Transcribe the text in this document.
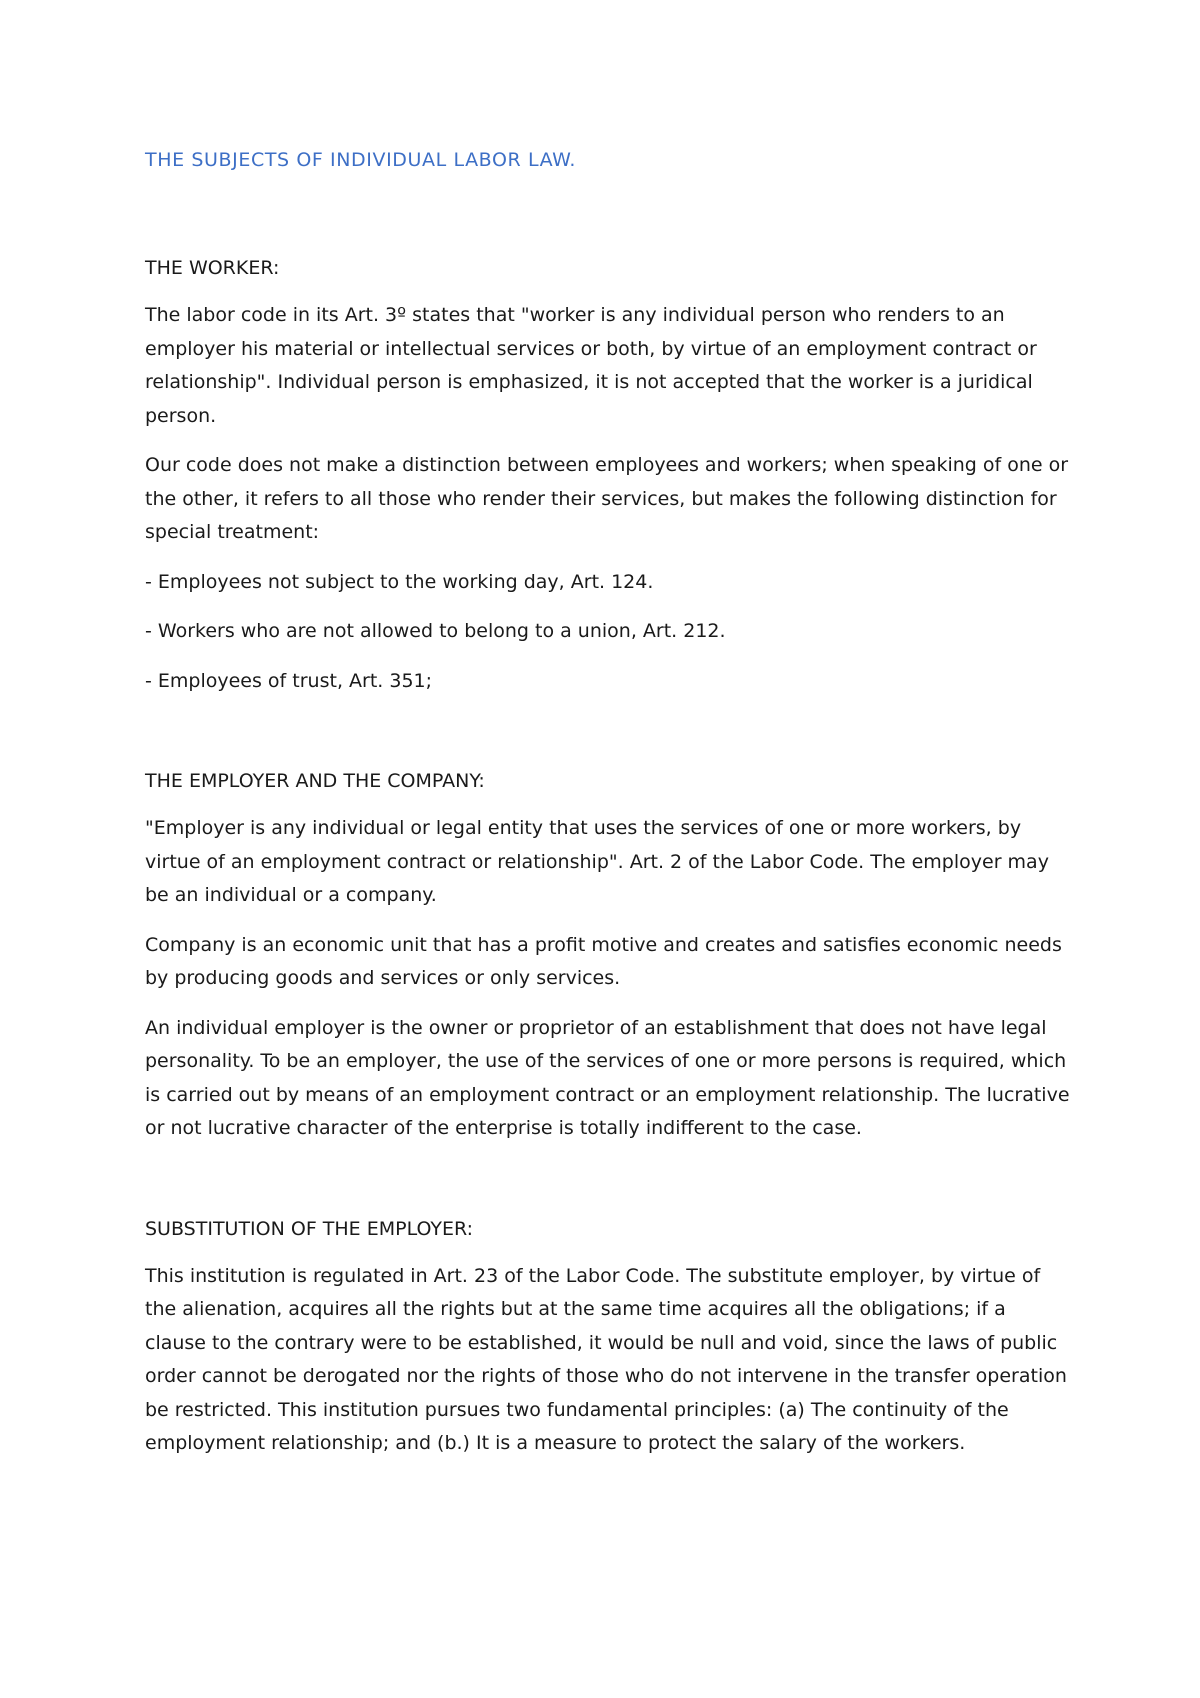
THE SUBJECTS OF INDIVIDUAL LABOR LAW.

THE WORKER:

The labor code in its Art. 3º states that "worker is any individual person who renders to an employer his material or intellectual services or both, by virtue of an employment contract or relationship". Individual person is emphasized, it is not accepted that the worker is a juridical person.

Our code does not make a distinction between employees and workers; when speaking of one or the other, it refers to all those who render their services, but makes the following distinction for special treatment:

- Employees not subject to the working day, Art. 124.

- Workers who are not allowed to belong to a union, Art. 212.

- Employees of trust, Art. 351;

THE EMPLOYER AND THE COMPANY:

"Employer is any individual or legal entity that uses the services of one or more workers, by virtue of an employment contract or relationship". Art. 2 of the Labor Code. The employer may be an individual or a company.

Company is an economic unit that has a profit motive and creates and satisfies economic needs by producing goods and services or only services.

An individual employer is the owner or proprietor of an establishment that does not have legal personality. To be an employer, the use of the services of one or more persons is required, which is carried out by means of an employment contract or an employment relationship. The lucrative or not lucrative character of the enterprise is totally indifferent to the case.

SUBSTITUTION OF THE EMPLOYER:

This institution is regulated in Art. 23 of the Labor Code. The substitute employer, by virtue of the alienation, acquires all the rights but at the same time acquires all the obligations; if a clause to the contrary were to be established, it would be null and void, since the laws of public order cannot be derogated nor the rights of those who do not intervene in the transfer operation be restricted. This institution pursues two fundamental principles: (a) The continuity of the employment relationship; and (b.) It is a measure to protect the salary of the workers.
